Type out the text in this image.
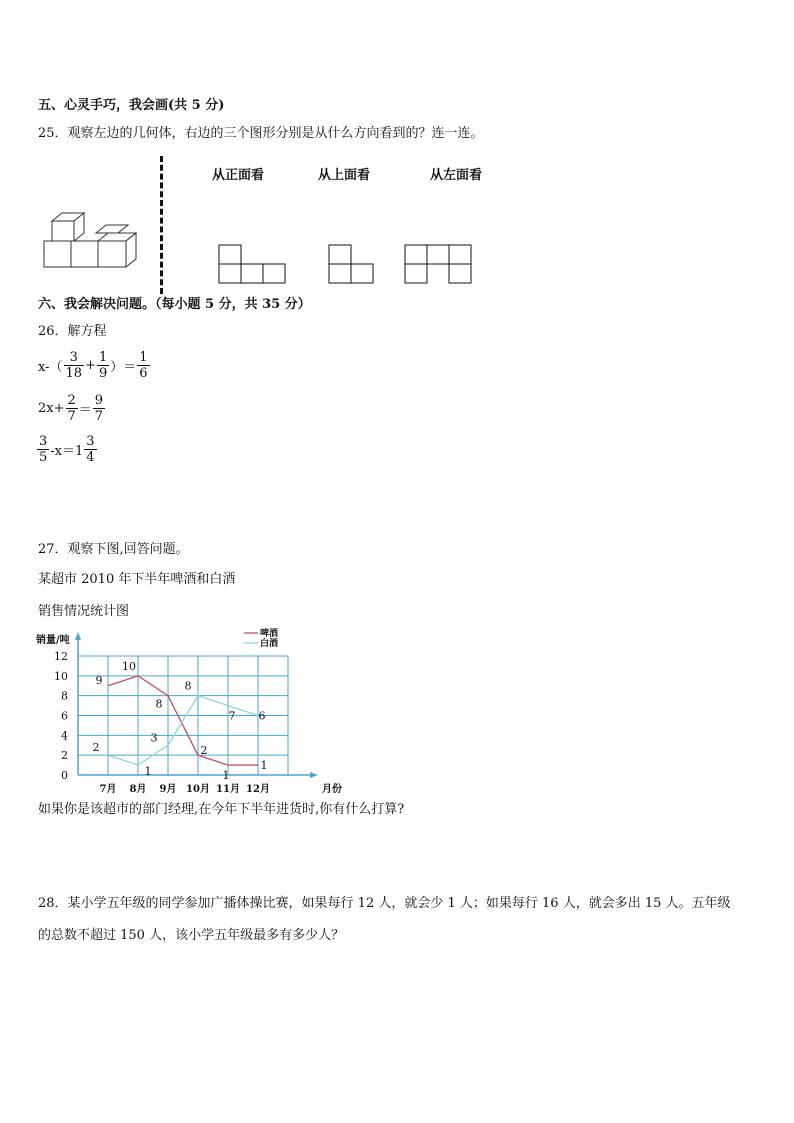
五、心灵手巧，我会画(共 5 分)
25．观察左边的几何体，右边的三个图形分别是从什么方向看到的？连一连。
从正面看	从上面看	从左面看
六、我会解决问题。（每小题 5 分，共 35 分）
26．解方程
$x-( \frac{3}{18} + \frac{1}{9}$ ）＝ $\frac{1}{6}$
$2x+ \frac{2}{7} = \frac{9}{7}$
$\frac{3}{5} -x=1 \frac{3}{4}$
27．观察下图,回答问题。
某超市 2010 年下半年啤酒和白酒
销售情况统计图
0
2
4
6
8
10
12
销量/吨
月份
7月 8月 9月 10月 11月 12月
9
10
8
2
1
1
2
1
3
8
7 6
啤酒
白酒
如果你是该超市的部门经理,在今年下半年进货时,你有什么打算?
28．某小学五年级的同学参加广播体操比赛，如果每行 12 人，就会少 1 人；如果每行 16 人，就会多出 15 人。五年级
的总数不超过 150 人，该小学五年级最多有多少人？
